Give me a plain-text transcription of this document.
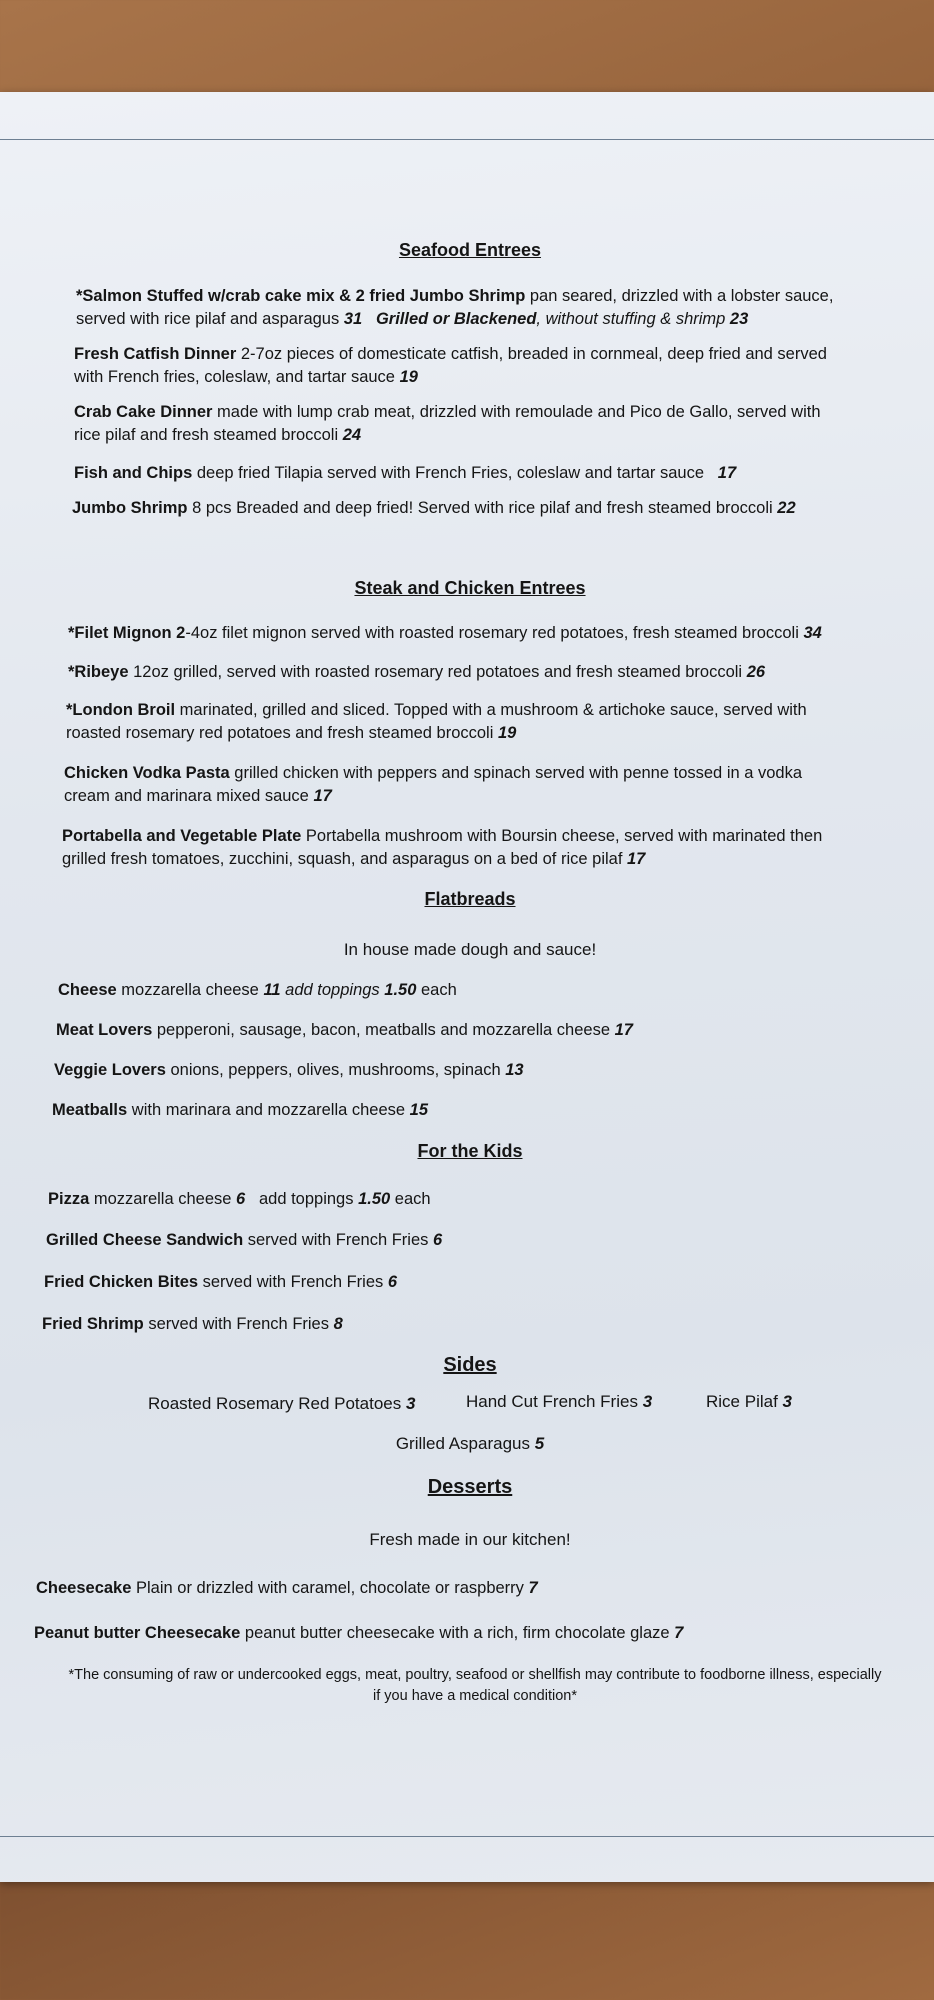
Seafood Entrees
*Salmon Stuffed w/crab cake mix & 2 fried Jumbo Shrimp pan seared, drizzled with a lobster sauce,
served with rice pilaf and asparagus 31 Grilled or Blackened, without stuffing & shrimp 23
Fresh Catfish Dinner 2-7oz pieces of domesticate catfish, breaded in cornmeal, deep fried and served
with French fries, coleslaw, and tartar sauce 19
Crab Cake Dinner made with lump crab meat, drizzled with remoulade and Pico de Gallo, served with
rice pilaf and fresh steamed broccoli 24
Fish and Chips deep fried Tilapia served with French Fries, coleslaw and tartar sauce   17
Jumbo Shrimp 8 pcs Breaded and deep fried! Served with rice pilaf and fresh steamed broccoli 22
Steak and Chicken Entrees
*Filet Mignon 2-4oz filet mignon served with roasted rosemary red potatoes, fresh steamed broccoli 34
*Ribeye 12oz grilled, served with roasted rosemary red potatoes and fresh steamed broccoli 26
*London Broil marinated, grilled and sliced. Topped with a mushroom & artichoke sauce, served with
roasted rosemary red potatoes and fresh steamed broccoli 19
Chicken Vodka Pasta grilled chicken with peppers and spinach served with penne tossed in a vodka
cream and marinara mixed sauce 17
Portabella and Vegetable Plate Portabella mushroom with Boursin cheese, served with marinated then
grilled fresh tomatoes, zucchini, squash, and asparagus on a bed of rice pilaf 17
Flatbreads
In house made dough and sauce!
Cheese mozzarella cheese 11 add toppings 1.50 each
Meat Lovers pepperoni, sausage, bacon, meatballs and mozzarella cheese 17
Veggie Lovers onions, peppers, olives, mushrooms, spinach 13
Meatballs with marinara and mozzarella cheese 15
For the Kids
Pizza mozzarella cheese 6   add toppings 1.50 each
Grilled Cheese Sandwich served with French Fries 6
Fried Chicken Bites served with French Fries 6
Fried Shrimp served with French Fries 8
Sides
Roasted Rosemary Red Potatoes 3	Hand Cut French Fries 3	Rice Pilaf 3
Grilled Asparagus 5
Desserts
Fresh made in our kitchen!
Cheesecake Plain or drizzled with caramel, chocolate or raspberry 7
Peanut butter Cheesecake peanut butter cheesecake with a rich, firm chocolate glaze 7
*The consuming of raw or undercooked eggs, meat, poultry, seafood or shellfish may contribute to foodborne illness, especially
if you have a medical condition*
